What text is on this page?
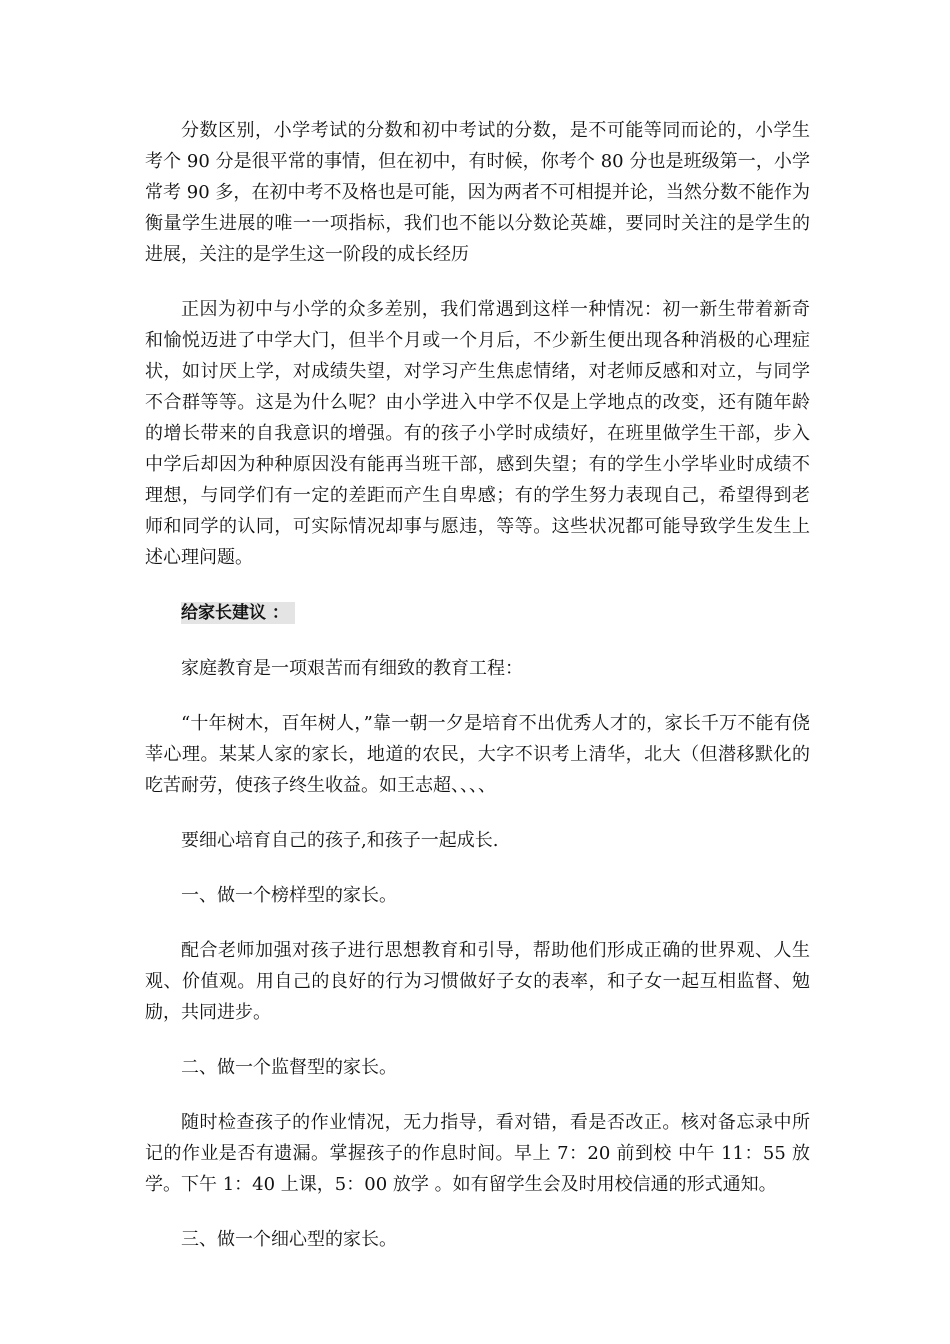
分数区别，小学考试的分数和初中考试的分数，是不可能等同而论的，小学生考个 90 分是很平常的事情，但在初中，有时候，你考个 80 分也是班级第一，小学常考 90 多，在初中考不及格也是可能，因为两者不可相提并论，当然分数不能作为衡量学生进展的唯一一项指标，我们也不能以分数论英雄，要同时关注的是学生的进展，关注的是学生这一阶段的成长经历

正因为初中与小学的众多差别，我们常遇到这样一种情况：初一新生带着新奇和愉悦迈进了中学大门，但半个月或一个月后，不少新生便出现各种消极的心理症状，如讨厌上学，对成绩失望，对学习产生焦虑情绪，对老师反感和对立，与同学不合群等等。这是为什么呢？由小学进入中学不仅是上学地点的改变，还有随年龄的增长带来的自我意识的增强。有的孩子小学时成绩好，在班里做学生干部，步入中学后却因为种种原因没有能再当班干部，感到失望；有的学生小学毕业时成绩不理想，与同学们有一定的差距而产生自卑感；有的学生努力表现自己，希望得到老师和同学的认同，可实际情况却事与愿违，等等。这些状况都可能导致学生发生上述心理问题。

给家长建议 ：

家庭教育是一项艰苦而有细致的教育工程：

“十年树木，百年树人，”靠一朝一夕是培育不出优秀人才的，家长千万不能有侥莘心理。某某人家的家长，地道的农民，大字不识考上清华，北大（但潜移默化的吃苦耐劳，使孩子终生收益。如王志超、、、、

要细心培育自己的孩子,和孩子一起成长.

一、做一个榜样型的家长。

配合老师加强对孩子进行思想教育和引导，帮助他们形成正确的世界观、人生观、价值观。用自己的良好的行为习惯做好子女的表率，和子女一起互相监督、勉励，共同进步。

二、做一个监督型的家长。

随时检查孩子的作业情况，无力指导，看对错，看是否改正。核对备忘录中所记的作业是否有遗漏。掌握孩子的作息时间。早上 7：20 前到校 中午 11：55 放学。下午 1：40 上课，5：00 放学 。如有留学生会及时用校信通的形式通知。

三、做一个细心型的家长。
